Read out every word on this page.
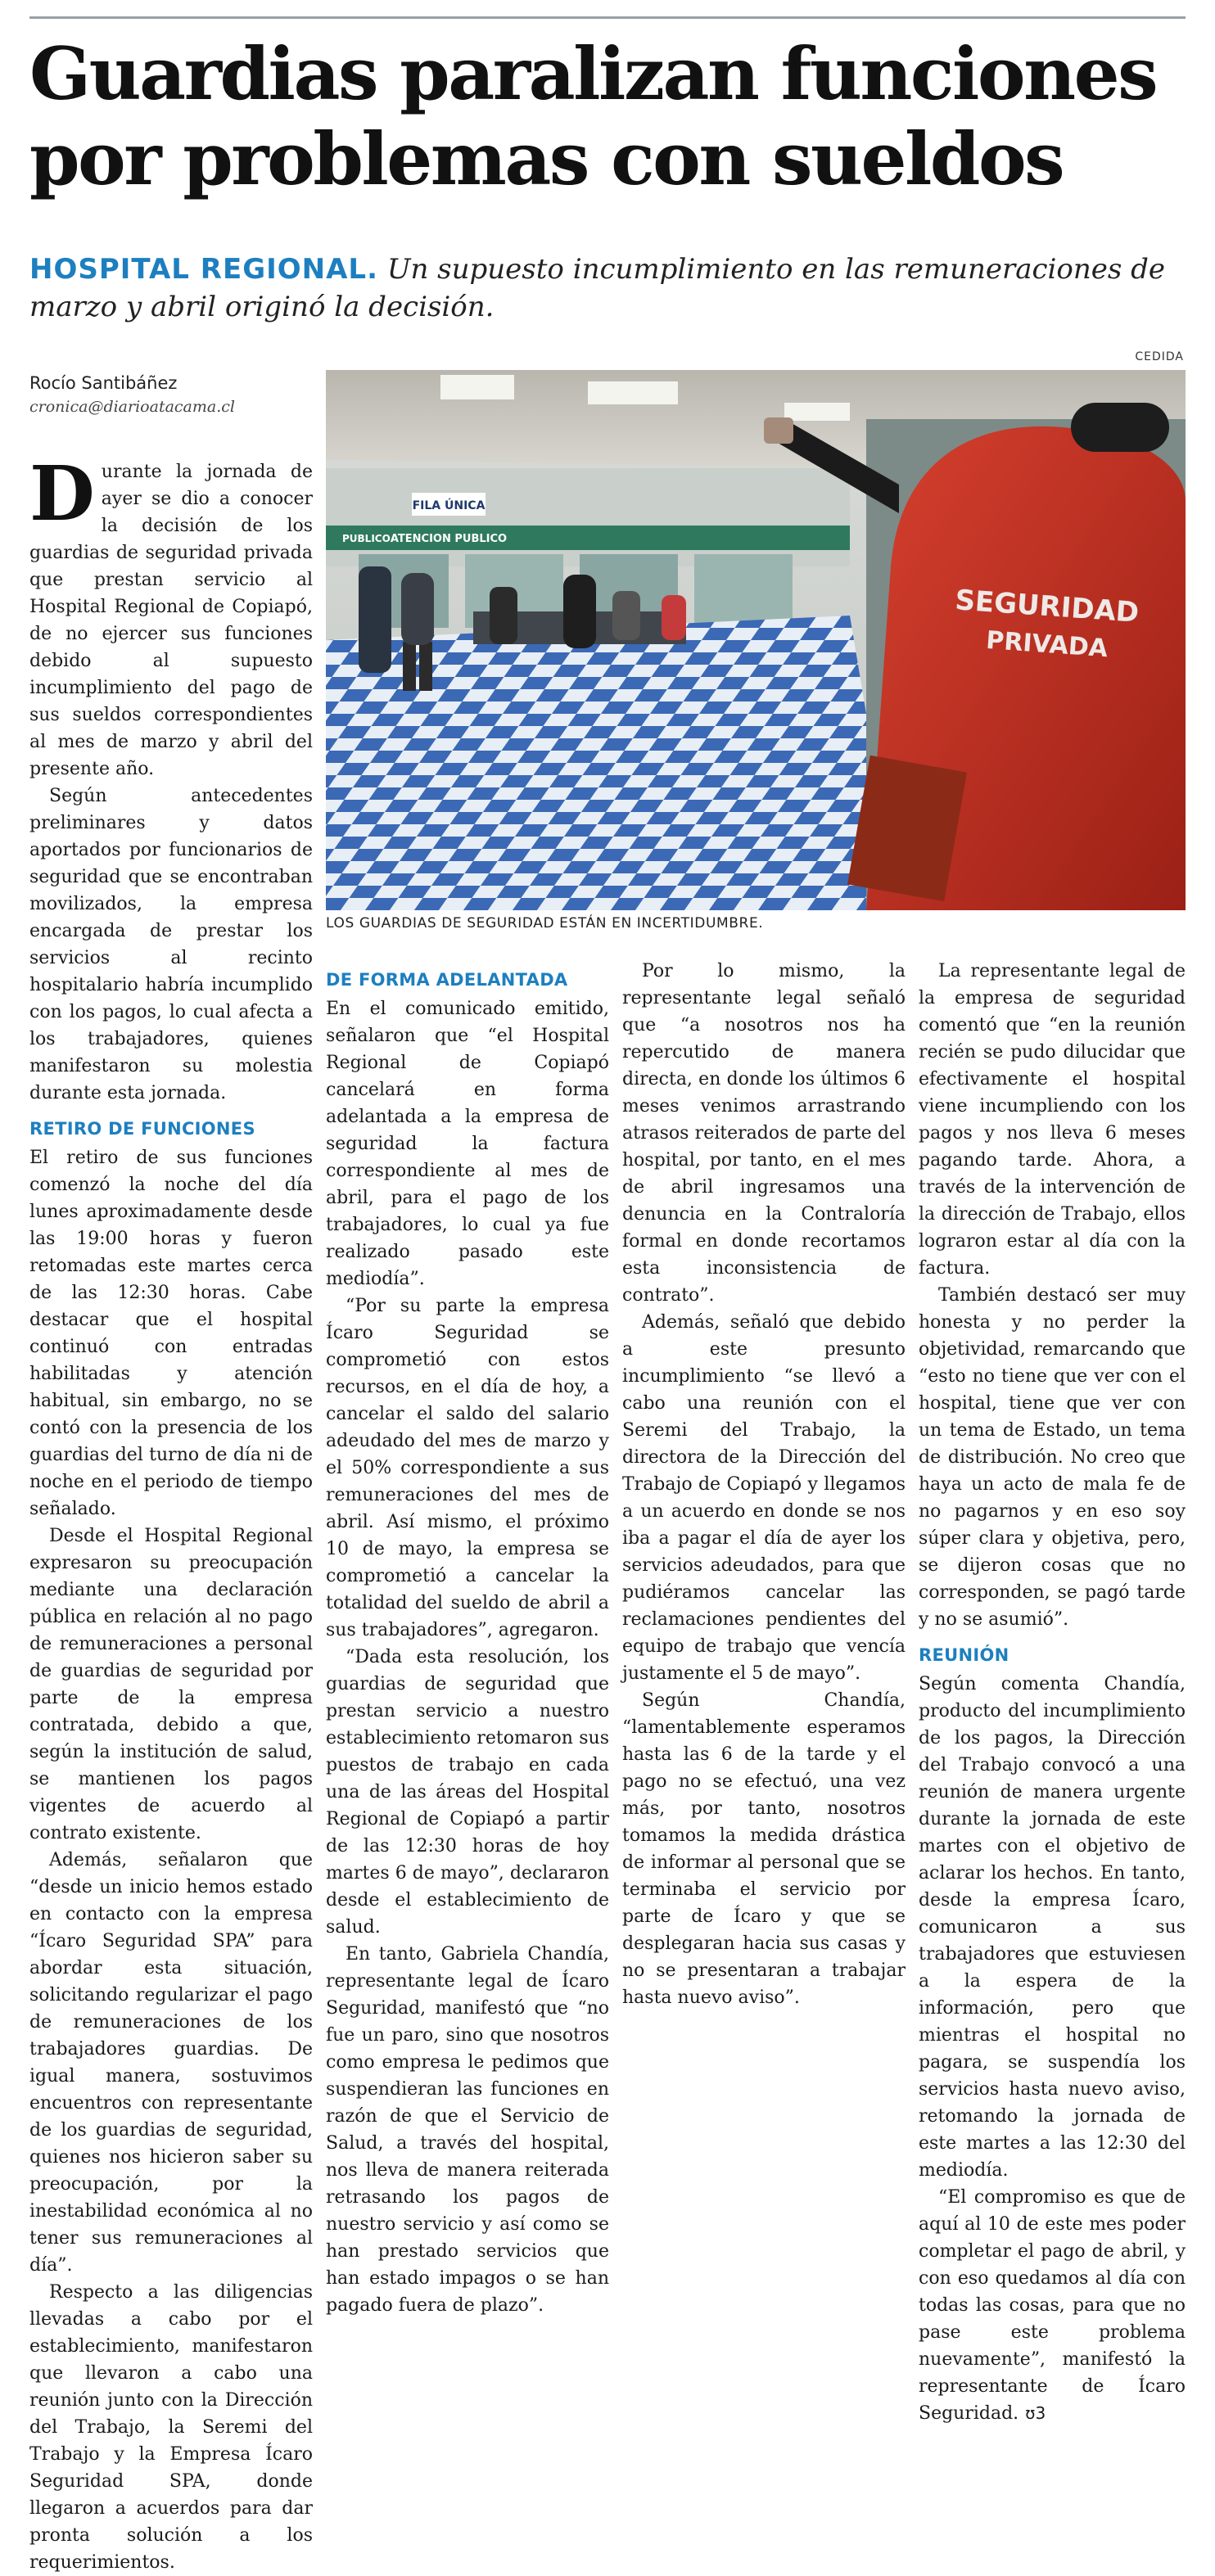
Guardias paralizan funciones por problemas con sueldos
HOSPITAL REGIONAL. Un supuesto incumplimiento en las remuneraciones de marzo y abril originó la decisión.
CEDIDA
Rocío Santibáñez
cronica@diarioatacama.cl
FILA ÚNICA
ATENCION PUBLICO
PUBLICO
SEGURIDAD
PRIVADA
LOS GUARDIAS DE SEGURIDAD ESTÁN EN INCERTIDUMBRE.

Durante la jornada de ayer se dio a conocer la decisión de los guardias de seguridad privada que prestan servicio al Hospital Regional de Copiapó, de no ejercer sus funciones debido al supuesto incumplimiento del pago de sus sueldos correspondientes al mes de marzo y abril del presente año.

Según antecedentes preliminares y datos aportados por funcionarios de seguridad que se encontraban movilizados, la empresa encargada de prestar los servicios al recinto hospitalario habría incumplido con los pagos, lo cual afecta a los trabajadores, quienes manifestaron su molestia durante esta jornada.

RETIRO DE FUNCIONES

El retiro de sus funciones comenzó la noche del día lunes aproximadamente desde las 19:00 horas y fueron retomadas este martes cerca de las 12:30 horas. Cabe destacar que el hospital continuó con entradas habilitadas y atención habitual, sin embargo, no se contó con la presencia de los guardias del turno de día ni de noche en el periodo de tiempo señalado.

Desde el Hospital Regional expresaron su preocupación mediante una declaración pública en relación al no pago de remuneraciones a personal de guardias de seguridad por parte de la empresa contratada, debido a que, según la institución de salud, se mantienen los pagos vigentes de acuerdo al contrato existente.

Además, señalaron que “desde un inicio hemos estado en contacto con la empresa “Ícaro Seguridad SPA” para abordar esta situación, solicitando regularizar el pago de remuneraciones de los trabajadores guardias. De igual manera, sostuvimos encuentros con representante de los guardias de seguridad, quienes nos hicieron saber su preocupación, por la inestabilidad económica al no tener sus remuneraciones al día”.

Respecto a las diligencias llevadas a cabo por el establecimiento, manifestaron que llevaron a cabo una reunión junto con la Dirección del Trabajo, la Seremi del Trabajo y la Empresa Ícaro Seguridad SPA, donde llegaron a acuerdos para dar pronta solución a los requerimientos.

DE FORMA ADELANTADA

En el comunicado emitido, señalaron que “el Hospital Regional de Copiapó cancelará en forma adelantada a la empresa de seguridad la factura correspondiente al mes de abril, para el pago de los trabajadores, lo cual ya fue realizado pasado este mediodía”.

“Por su parte la empresa Ícaro Seguridad se comprometió con estos recursos, en el día de hoy, a cancelar el saldo del salario adeudado del mes de marzo y el 50% correspondiente a sus remuneraciones del mes de abril. Así mismo, el próximo 10 de mayo, la empresa se comprometió a cancelar la totalidad del sueldo de abril a sus trabajadores”, agregaron.

“Dada esta resolución, los guardias de seguridad que prestan servicio a nuestro establecimiento retomaron sus puestos de trabajo en cada una de las áreas del Hospital Regional de Copiapó a partir de las 12:30 horas de hoy martes 6 de mayo”, declararon desde el establecimiento de salud.

En tanto, Gabriela Chandía, representante legal de Ícaro Seguridad, manifestó que “no fue un paro, sino que nosotros como empresa le pedimos que suspendieran las funciones en razón de que el Servicio de Salud, a través del hospital, nos lleva de manera reiterada retrasando los pagos de nuestro servicio y así como se han prestado servicios que han estado impagos o se han pagado fuera de plazo”.

Por lo mismo, la representante legal señaló que “a nosotros nos ha repercutido de manera directa, en donde los últimos 6 meses venimos arrastrando atrasos reiterados de parte del hospital, por tanto, en el mes de abril ingresamos una denuncia en la Contraloría formal en donde recortamos esta inconsistencia de contrato”.

Además, señaló que debido a este presunto incumplimiento “se llevó a cabo una reunión con el Seremi del Trabajo, la directora de la Dirección del Trabajo de Copiapó y llegamos a un acuerdo en donde se nos iba a pagar el día de ayer los servicios adeudados, para que pudiéramos cancelar las reclamaciones pendientes del equipo de trabajo que vencía justamente el 5 de mayo”.

Según Chandía, “lamentablemente esperamos hasta las 6 de la tarde y el pago no se efectuó, una vez más, por tanto, nosotros tomamos la medida drástica de informar al personal que se terminaba el servicio por parte de Ícaro y que se desplegaran hacia sus casas y no se presentaran a trabajar hasta nuevo aviso”.

La representante legal de la empresa de seguridad comentó que “en la reunión recién se pudo dilucidar que efectivamente el hospital viene incumpliendo con los pagos y nos lleva 6 meses pagando tarde. Ahora, a través de la intervención de la dirección de Trabajo, ellos lograron estar al día con la factura.

También destacó ser muy honesta y no perder la objetividad, remarcando que “esto no tiene que ver con el hospital, tiene que ver con un tema de Estado, un tema de distribución. No creo que haya un acto de mala fe de no pagarnos y en eso soy súper clara y objetiva, pero, se dijeron cosas que no corresponden, se pagó tarde y no se asumió”.

REUNIÓN

Según comenta Chandía, producto del incumplimiento de los pagos, la Dirección del Trabajo convocó a una reunión de manera urgente durante la jornada de este martes con el objetivo de aclarar los hechos. En tanto, desde la empresa Ícaro, comunicaron a sus trabajadores que estuviesen a la espera de la información, pero que mientras el hospital no pagara, se suspendía los servicios hasta nuevo aviso, retomando la jornada de este martes a las 12:30 del mediodía.

“El compromiso es que de aquí al 10 de este mes poder completar el pago de abril, y con eso quedamos al día con todas las cosas, para que no pase este problema nuevamente”, manifestó la representante de Ícaro Seguridad. ʊ3
